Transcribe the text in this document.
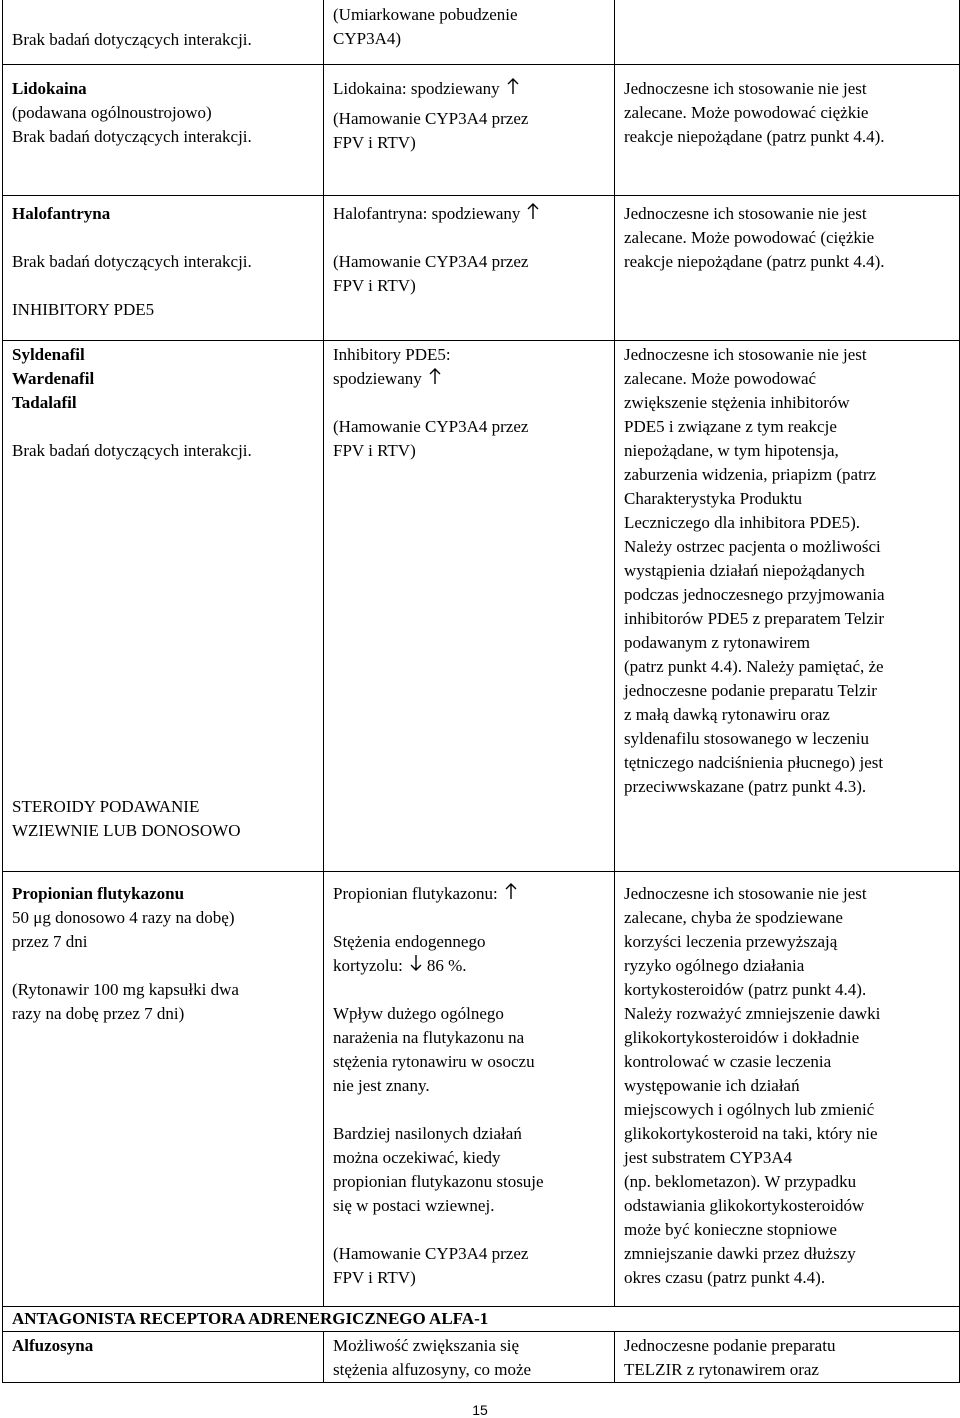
Brak badań dotyczących interakcji.

(Umiarkowane pobudzenie

CYP3A4)

Lidokaina

(podawana ogólnoustrojowo)

Brak badań dotyczących interakcji.

Lidokaina: spodziewany

(Hamowanie CYP3A4 przez

FPV i RTV)

Jednoczesne ich stosowanie nie jest

zalecane. Może powodować ciężkie

reakcje niepożądane (patrz punkt 4.4).

Halofantryna

Brak badań dotyczących interakcji.

INHIBITORY PDE5

Halofantryna: spodziewany

(Hamowanie CYP3A4 przez

FPV i RTV)

Jednoczesne ich stosowanie nie jest

zalecane. Może powodować (ciężkie

reakcje niepożądane (patrz punkt 4.4).

Syldenafil

Wardenafil

Tadalafil

Brak badań dotyczących interakcji.

STEROIDY PODAWANIE

WZIEWNIE LUB DONOSOWO

Inhibitory PDE5:

spodziewany

(Hamowanie CYP3A4 przez

FPV i RTV)

Jednoczesne ich stosowanie nie jest

zalecane. Może powodować

zwiększenie stężenia inhibitorów

PDE5 i związane z tym reakcje

niepożądane, w tym hipotensja,

zaburzenia widzenia, priapizm (patrz

Charakterystyka Produktu

Leczniczego dla inhibitora PDE5).

Należy ostrzec pacjenta o możliwości

wystąpienia działań niepożądanych

podczas jednoczesnego przyjmowania

inhibitorów PDE5 z preparatem Telzir

podawanym z rytonawirem

(patrz punkt 4.4). Należy pamiętać, że

jednoczesne podanie preparatu Telzir

z małą dawką rytonawiru oraz

syldenafilu stosowanego w leczeniu

tętniczego nadciśnienia płucnego) jest

przeciwwskazane (patrz punkt 4.3).

Propionian flutykazonu

50 μg donosowo 4 razy na dobę)

przez 7 dni

(Rytonawir 100 mg kapsułki dwa

razy na dobę przez 7 dni)

Propionian flutykazonu:

Stężenia endogennego

kortyzolu: 86 %.

Wpływ dużego ogólnego

narażenia na flutykazonu na

stężenia rytonawiru w osoczu

nie jest znany.

Bardziej nasilonych działań

można oczekiwać, kiedy

propionian flutykazonu stosuje

się w postaci wziewnej.

(Hamowanie CYP3A4 przez

FPV i RTV)

Jednoczesne ich stosowanie nie jest

zalecane, chyba że spodziewane

korzyści leczenia przewyższają

ryzyko ogólnego działania

kortykosteroidów (patrz punkt 4.4).

Należy rozważyć zmniejszenie dawki

glikokortykosteroidów i dokładnie

kontrolować w czasie leczenia

występowanie ich działań

miejscowych i ogólnych lub zmienić

glikokortykosteroid na taki, który nie

jest substratem CYP3A4

(np. beklometazon). W przypadku

odstawiania glikokortykosteroidów

może być konieczne stopniowe

zmniejszanie dawki przez dłuższy

okres czasu (patrz punkt 4.4).

ANTAGONISTA RECEPTORA ADRENERGICZNEGO ALFA-1

Alfuzosyna	Możliwość zwiększania się

stężenia alfuzosyny, co może

Jednoczesne podanie preparatu

TELZIR z rytonawirem oraz

15
